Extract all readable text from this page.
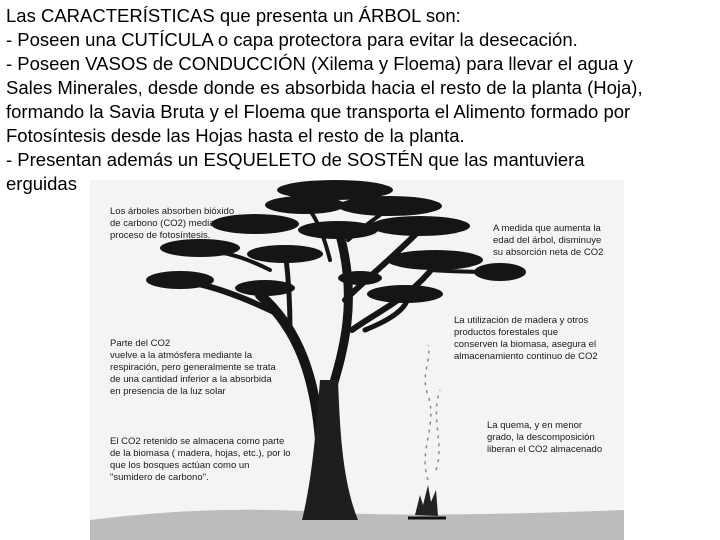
Las CARACTERÍSTICAS que presenta un ÁRBOL son:
- Poseen una CUTÍCULA o capa protectora para evitar la desecación.
- Poseen VASOS de CONDUCCIÓN (Xilema y Floema) para llevar el agua y
Sales Minerales, desde donde es absorbida hacia el resto de la planta (Hoja),
formando la Savia Bruta y el Floema que transporta el Alimento formado por
Fotosíntesis desde las Hojas hasta el resto de la planta.
- Presentan además un ESQUELETO de SOSTÉN que las mantuviera
erguidas
Los árboles absorben bióxido
de carbono (CO2) mediante el
proceso de fotosíntesis.
A medida que aumenta la
edad del árbol, disminuye
su absorción neta de CO2
La utilización de madera y otros
productos forestales que
conserven la biomasa, asegura el
almacenamiento continuo de CO2
Parte del CO2
vuelve a la atmósfera mediante la
respiración, pero generalmente se trata
de una cantidad inferior a la absorbida
en presencia de la luz solar
La quema, y en menor
grado, la descomposición
liberan el CO2 almacenado
El CO2 retenido se almacena como parte
de la biomasa ( madera, hojas, etc.), por lo
que los bosques actúan como un
"sumidero de carbono".
